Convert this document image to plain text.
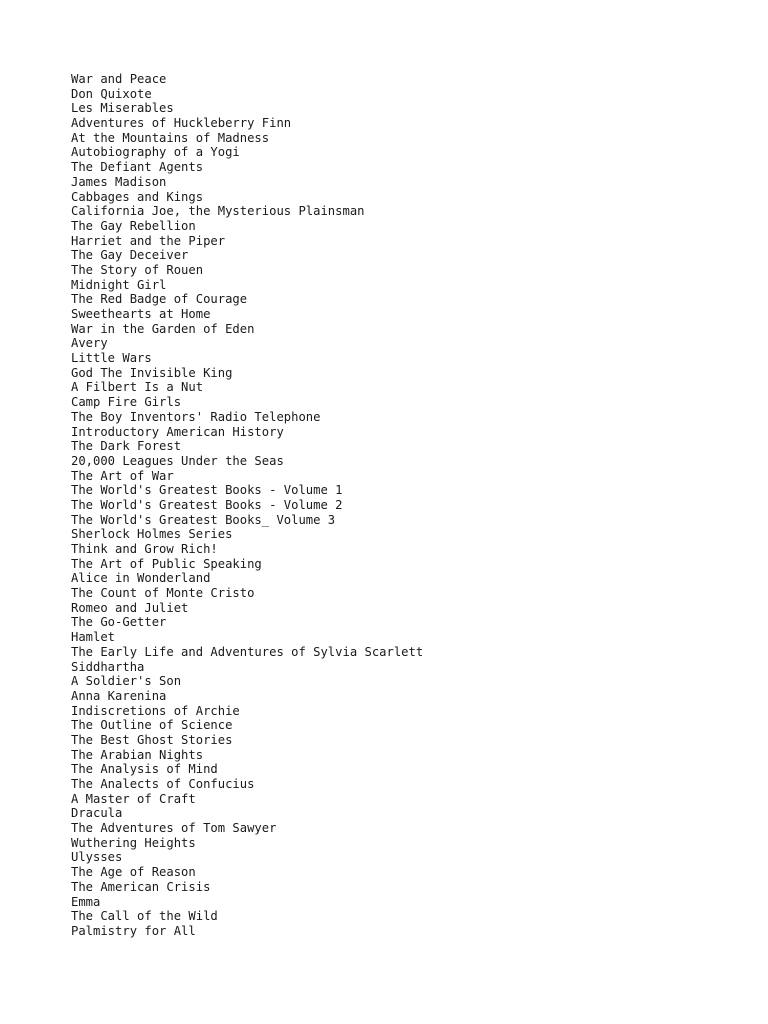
War and Peace
Don Quixote
Les Miserables
Adventures of Huckleberry Finn
At the Mountains of Madness
Autobiography of a Yogi
The Defiant Agents
James Madison
Cabbages and Kings
California Joe, the Mysterious Plainsman
The Gay Rebellion
Harriet and the Piper
The Gay Deceiver
The Story of Rouen
Midnight Girl
The Red Badge of Courage
Sweethearts at Home
War in the Garden of Eden
Avery
Little Wars
God The Invisible King
A Filbert Is a Nut
Camp Fire Girls
The Boy Inventors' Radio Telephone
Introductory American History
The Dark Forest
20,000 Leagues Under the Seas
The Art of War
The World's Greatest Books - Volume 1
The World's Greatest Books - Volume 2
The World's Greatest Books_ Volume 3
Sherlock Holmes Series
Think and Grow Rich!
The Art of Public Speaking
Alice in Wonderland
The Count of Monte Cristo
Romeo and Juliet
The Go-Getter
Hamlet
The Early Life and Adventures of Sylvia Scarlett
Siddhartha
A Soldier's Son
Anna Karenina
Indiscretions of Archie
The Outline of Science
The Best Ghost Stories
The Arabian Nights
The Analysis of Mind
The Analects of Confucius
A Master of Craft
Dracula
The Adventures of Tom Sawyer
Wuthering Heights
Ulysses
The Age of Reason
The American Crisis
Emma
The Call of the Wild
Palmistry for All
